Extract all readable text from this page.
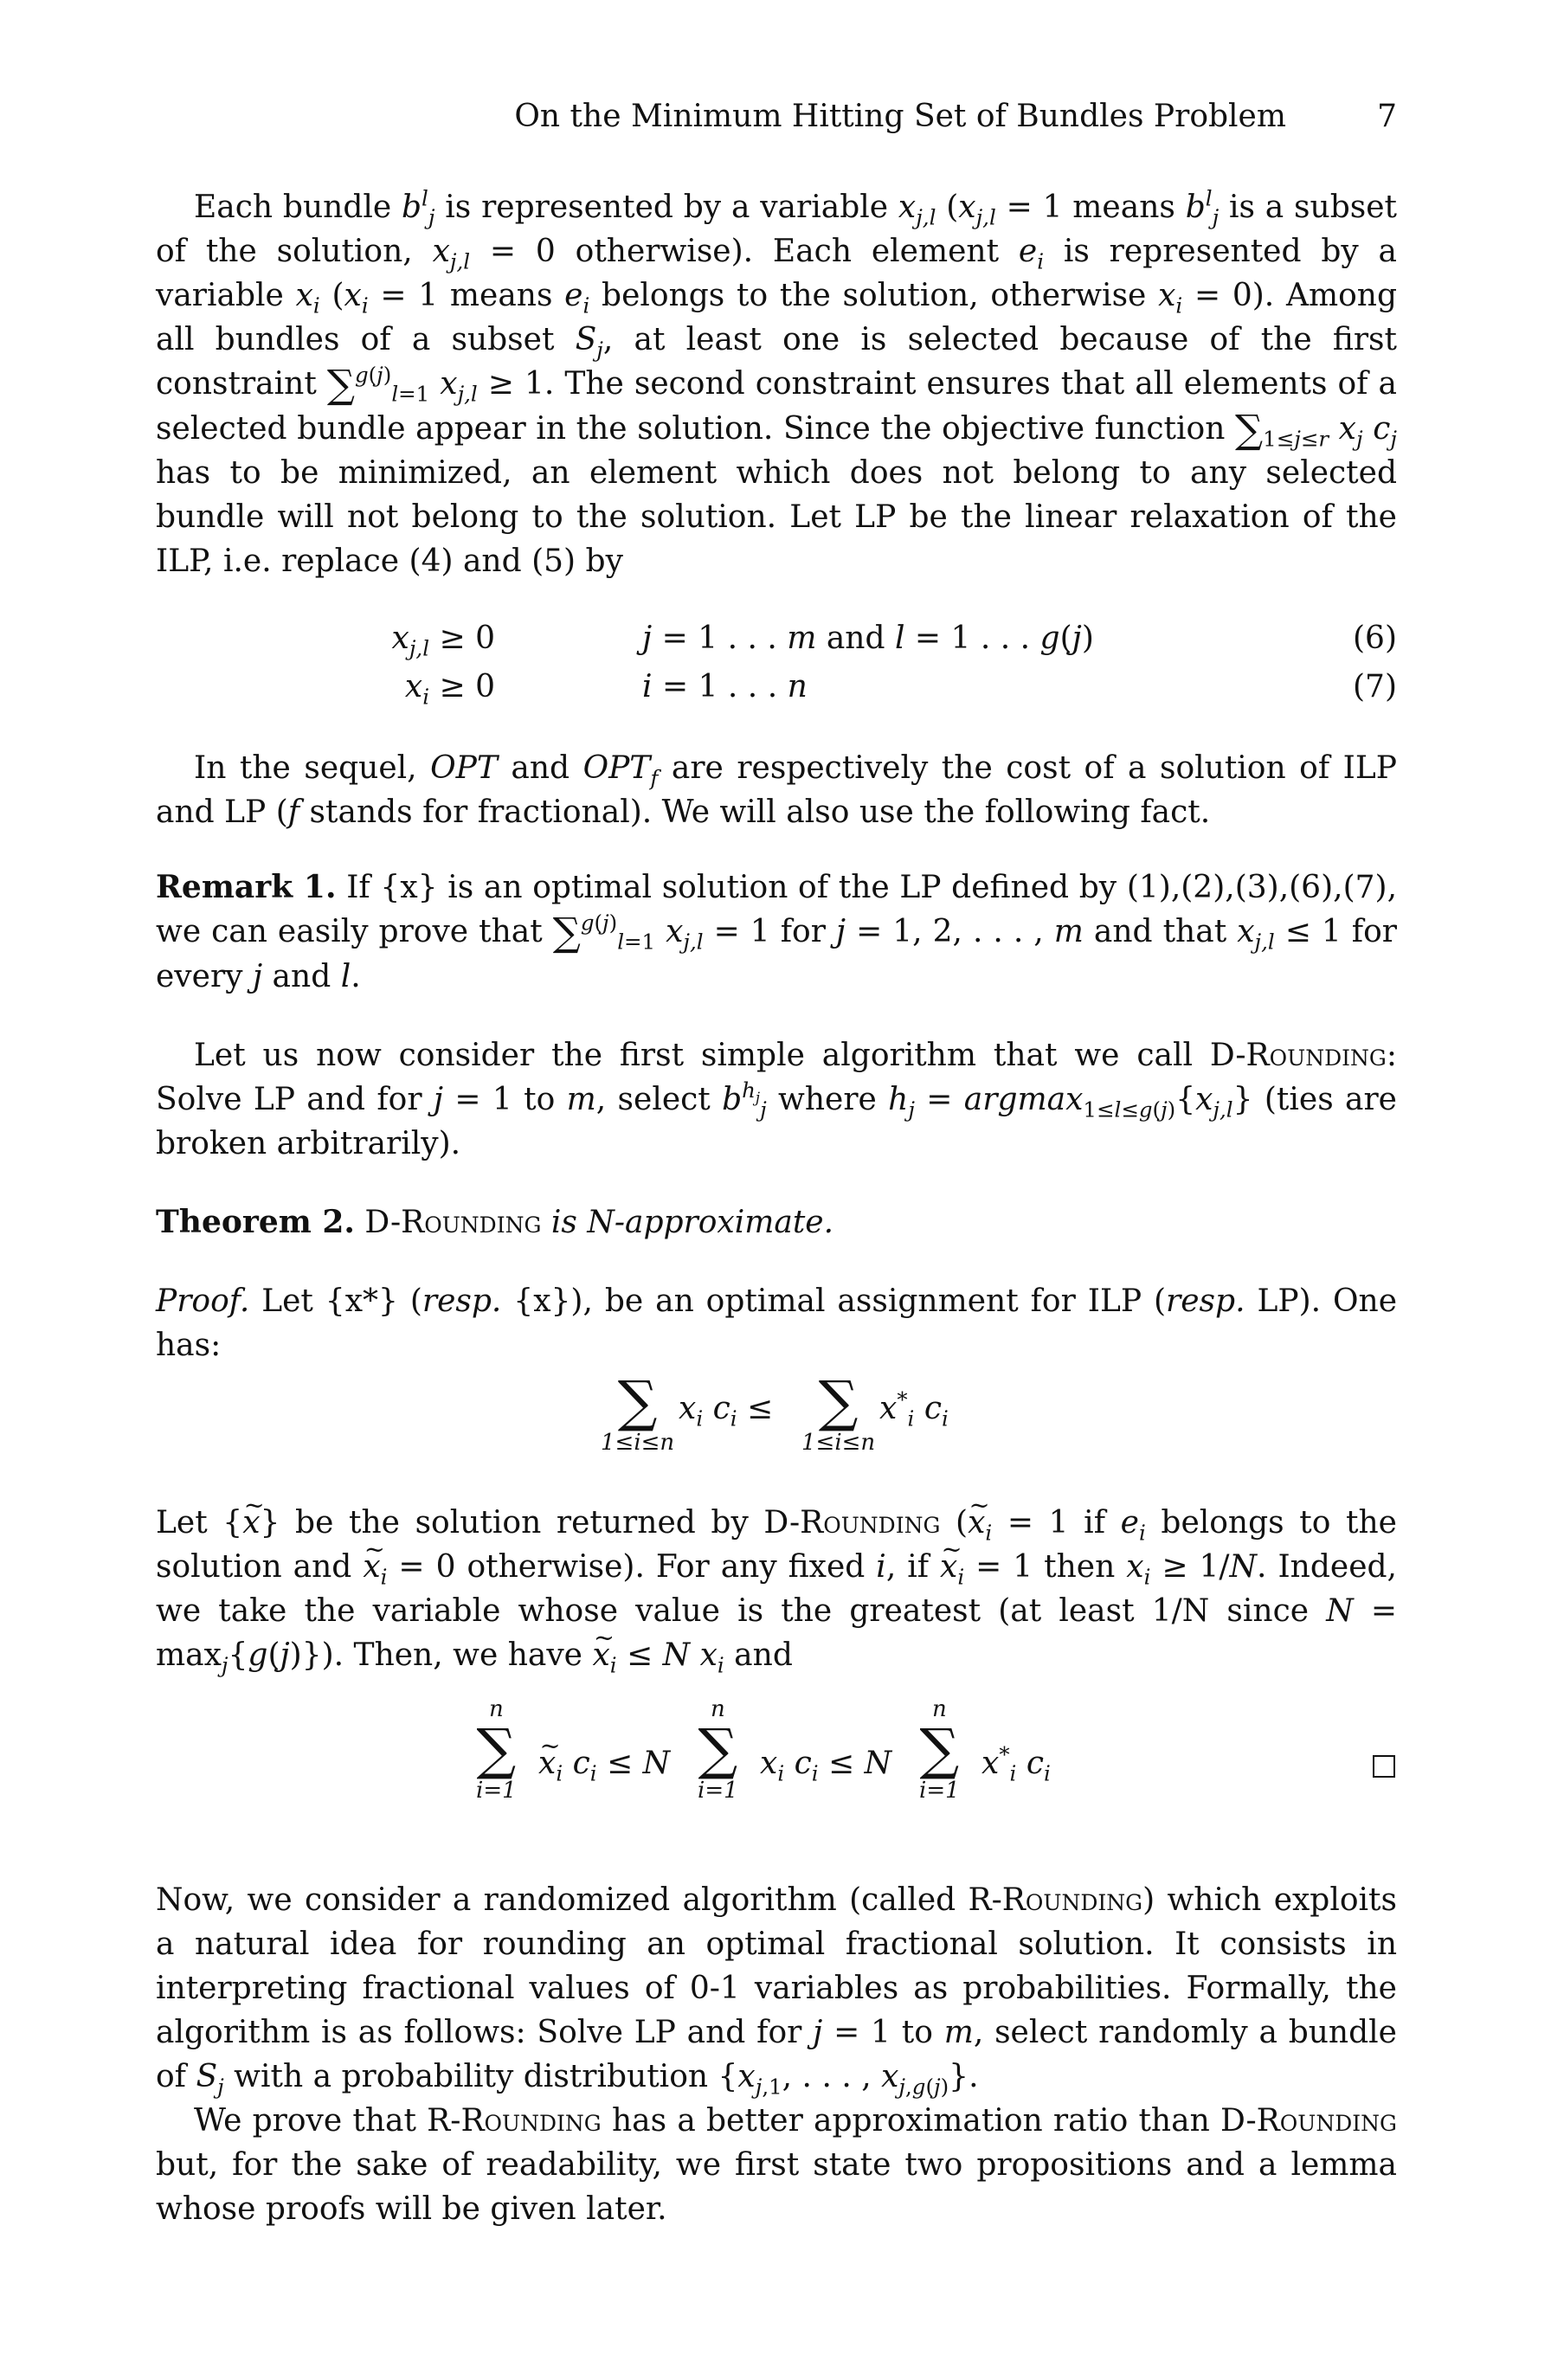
On the Minimum Hitting Set of Bundles Problem	7

Each bundle $b^l_j$ is represented by a variable $x_{j,l}$ ($x_{j,l} = 1$ means $b^l_j$ is a subset of the solution, $x_{j,l} = 0$ otherwise). Each element $e_i$ is represented by a variable $x_i$ ($x_i = 1$ means $e_i$ belongs to the solution, otherwise $x_i = 0$). Among all bundles of a subset $S_j$, at least one is selected because of the first constraint ∑$^{g(j)}_{l=1}$ $x_{j,l} \ge 1$. The second constraint ensures that all elements of a selected bundle appear in the solution. Since the objective function $\sum_{1\le j\le r}$ $x_j$ $c_j$ has to be minimized, an element which does not belong to any selected bundle will not belong to the solution. Let LP be the linear relaxation of the ILP, i.e. replace (4) and (5) by

$x_{j,l} \ge 0$	j = 1 . . . m and l = 1 . . . g(j)	(6)
$x_i \ge 0$	i = 1 . . . n	(7)

In the sequel, OPT and $OPT_f$ are respectively the cost of a solution of ILP and LP (f stands for fractional). We will also use the following fact.

Remark 1. If {x} is an optimal solution of the LP defined by (1),(2),(3),(6),(7), we can easily prove that ∑$^{g(j)}_{l=1}$ $x_{j,l} = 1$ for j = 1, 2, . . . , m and that $x_{j,l} \le 1$ for every j and l.

Let us now consider the first simple algorithm that we call D-Rounding: Solve LP and for j = 1 to m, select $b^{h_j}_j$ where $h_j = argmax_{1\le l\le g(j)}\{x_{j,l}\}$ (ties are broken arbitrarily).

Theorem 2. D-Rounding is N-approximate.

Proof. Let {x*} (resp. {x}), be an optimal assignment for ILP (resp. LP). One has:

∑
1≤i≤n
$x_i$ $c_i$ ≤ ∑
1≤i≤n
$x^*_i$ $c_i$

Let {x ~} be the solution returned by D-Rounding (x $\sim_i = 1$ if $e_i$ belongs to the solution and x $\sim_i = 0$ otherwise). For any fixed i, if x $\sim_i = 1$ then $x_i \ge 1/N$. Indeed, we take the variable whose value is the greatest (at least 1/N since $N = \max_j\{g(j)\}$). Then, we have x $\sim_i \le N$ $x_i$ and

n
∑
i=1
x $\sim_i$ $c_i \le N$
n
∑
i=1
$x_i$ $c_i \le N$
n
∑
i=1
$x^*_i$ $c_i$

Now, we consider a randomized algorithm (called R-Rounding) which exploits a natural idea for rounding an optimal fractional solution. It consists in interpreting fractional values of 0-1 variables as probabilities. Formally, the algorithm is as follows: Solve LP and for j = 1 to m, select randomly a bundle of $S_j$ with a probability distribution {$x_{j,1}$, . . . , $x_{j,g(j)}$}.

We prove that R-Rounding has a better approximation ratio than D-Rounding but, for the sake of readability, we first state two propositions and a lemma whose proofs will be given later.
